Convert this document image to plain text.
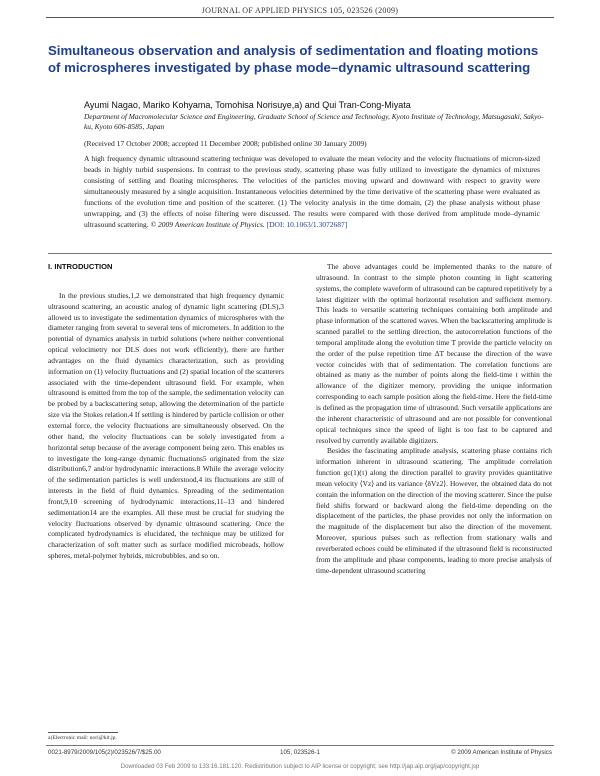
JOURNAL OF APPLIED PHYSICS 105, 023526 (2009)
Simultaneous observation and analysis of sedimentation and floating motions of microspheres investigated by phase mode–dynamic ultrasound scattering
Ayumi Nagao, Mariko Kohyama, Tomohisa Norisuye,a) and Qui Tran-Cong-Miyata
Department of Macromolecular Science and Engineering, Graduate School of Science and Technology, Kyoto Institute of Technology, Matsugasaki, Sakyo-ku, Kyoto 606-8585, Japan
(Received 17 October 2008; accepted 11 December 2008; published online 30 January 2009)

A high frequency dynamic ultrasound scattering technique was developed to evaluate the mean velocity and the velocity fluctuations of micron-sized beads in highly turbid suspensions. In contrast to the previous study, scattering phase was fully utilized to investigate the dynamics of mixtures consisting of settling and floating microspheres. The velocities of the particles moving upward and downward with respect to gravity were simultaneously measured by a single acquisition. Instantaneous velocities determined by the time derivative of the scattering phase were evaluated as functions of the evolution time and position of the scatterer. (1) The velocity analysis in the time domain, (2) the phase analysis without phase unwrapping, and (3) the effects of noise filtering were discussed. The results were compared with those derived from amplitude mode–dynamic ultrasound scattering. © 2009 American Institute of Physics. [DOI: 10.1063/1.3072687]

I. INTRODUCTION

In the previous studies,1,2 we demonstrated that high frequency dynamic ultrasound scattering, an acoustic analog of dynamic light scattering (DLS),3 allowed us to investigate the sedimentation dynamics of microspheres with the diameter ranging from several to several tens of micrometers. In addition to the potential of dynamics analysis in turbid solutions (where neither conventional optical velocimetry nor DLS does not work efficiently), there are further advantages on the fluid dynamics characterization, such as providing information on (1) velocity fluctuations and (2) spatial location of the scatterers associated with the time-dependent ultrasound field. For example, when ultrasound is emitted from the top of the sample, the sedimentation velocity can be probed by a backscattering setup, allowing the determination of the particle size via the Stokes relation.4 If settling is hindered by particle collision or other external force, the velocity fluctuations are simultaneously observed. On the other hand, the velocity fluctuations can be solely investigated from a horizontal setup because of the average component being zero. This enables us to investigate the long-range dynamic fluctuations5 originated from the size distribution6,7 and/or hydrodynamic interactions.8 While the average velocity of the sedimentation particles is well understood,4 its fluctuations are still of interests in the field of fluid dynamics. Spreading of the sedimentation front,9,10 screening of hydrodynamic interactions,11–13 and hindered sedimentation14 are the examples. All these must be crucial for studying the velocity fluctuations observed by dynamic ultrasound scattering. Once the complicated hydrodynamics is elucidated, the technique may be utilized for characterization of soft matter such as surface modified microbeads, hollow spheres, metal-polymer hybrids, microbubbles, and so on.

The above advantages could be implemented thanks to the nature of ultrasound. In contrast to the simple photon counting in light scattering systems, the complete waveform of ultrasound can be captured repetitively by a latest digitizer with the optimal horizontal resolution and sufficient memory. This leads to versatile scattering techniques containing both amplitude and phase information of the scattered waves. When the backscattering amplitude is scanned parallel to the settling direction, the autocorrelation functions of the temporal amplitude along the evolution time T provide the particle velocity on the order of the pulse repetition time ΔT because the direction of the wave vector coincides with that of sedimentation. The correlation functions are obtained as many as the number of points along the field-time t within the allowance of the digitizer memory, providing the unique information corresponding to each sample position along the field-time. Here the field-time is defined as the propagation time of ultrasound. Such versatile applications are the inherent characteristic of ultrasound and are not possible for conventional optical techniques since the speed of light is too fast to be captured and resolved by currently available digitizers.

Besides the fascinating amplitude analysis, scattering phase contains rich information inherent in ultrasound scattering. The amplitude correlation function gc(1)(τ) along the direction parallel to gravity provides quantitative mean velocity ⟨Vz⟩ and its variance ⟨δVz2⟩. However, the obtained data do not contain the information on the direction of the moving scatterer. Since the pulse field shifts forward or backward along the field-time depending on the displacement of the particles, the phase provides not only the information on the magnitude of the displacement but also the direction of the movement. Moreover, spurious pulses such as reflection from stationary walls and reverberated echoes could be eliminated if the ultrasound field is reconstructed from the amplitude and phase components, leading to more precise analysis of time-dependent ultrasound scattering

a)Electronic mail: nori@kit.jp.
0021-8979/2009/105(2)/023526/7/$25.00	105, 023526-1	© 2009 American Institute of Physics
Downloaded 03 Feb 2009 to 133.16.181.120. Redistribution subject to AIP license or copyright; see http://jap.aip.org/jap/copyright.jsp
